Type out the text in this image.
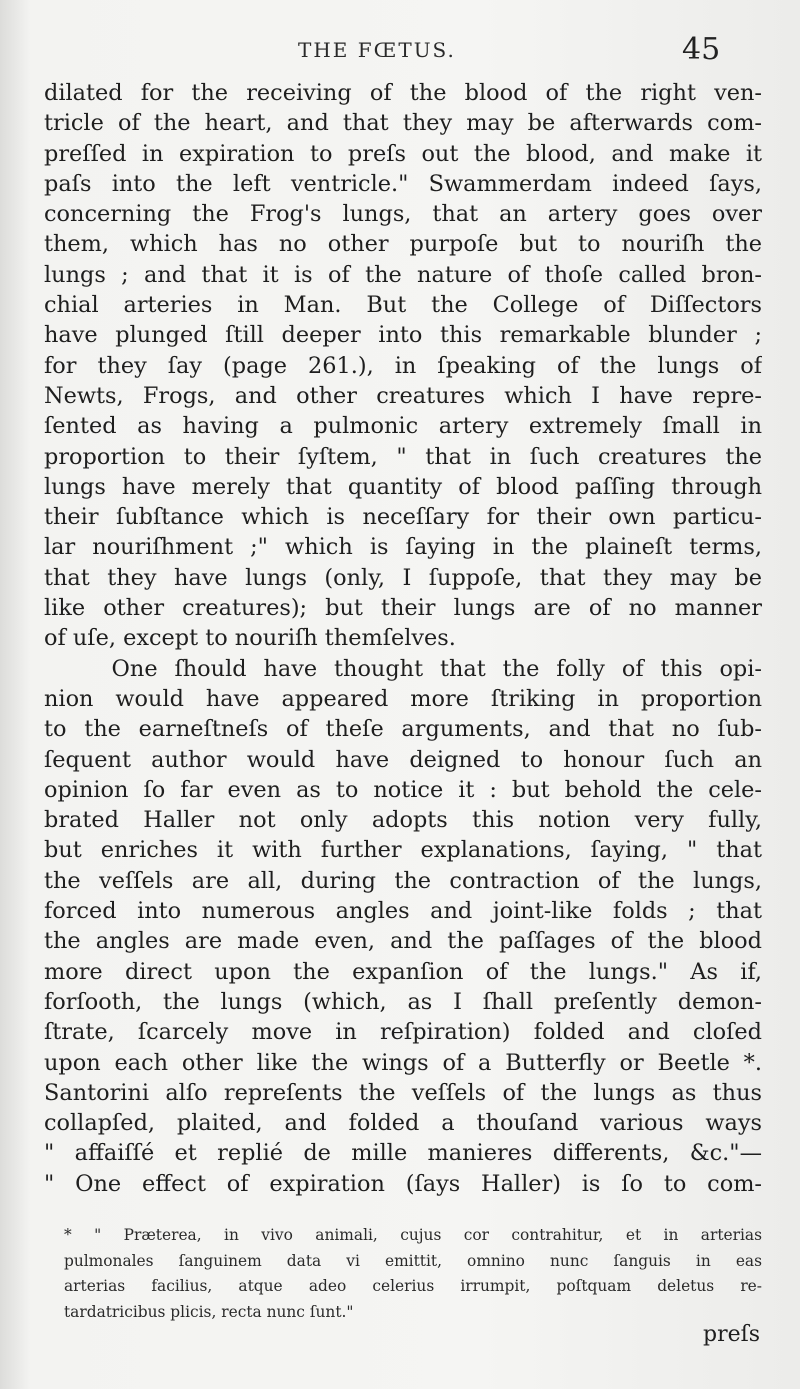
THE FŒTUS.	45
dilated for the receiving of the blood of the right ven-
tricle of the heart, and that they may be afterwards com-
preſſed in expiration to preſs out the blood, and make it
paſs into the left ventricle." Swammerdam indeed ſays,
concerning the Frog's lungs, that an artery goes over
them, which has no other purpoſe but to nouriſh the
lungs ; and that it is of the nature of thoſe called bron-
chial arteries in Man. But the College of Diſſectors
have plunged ſtill deeper into this remarkable blunder ;
for they ſay (page 261.), in ſpeaking of the lungs of
Newts, Frogs, and other creatures which I have repre-
ſented as having a pulmonic artery extremely ſmall in
proportion to their ſyſtem, " that in ſuch creatures the
lungs have merely that quantity of blood paſſing through
their ſubſtance which is neceſſary for their own particu-
lar nouriſhment ;" which is ſaying in the plaineſt terms,
that they have lungs (only, I ſuppoſe, that they may be
like other creatures); but their lungs are of no manner
of uſe, except to nouriſh themſelves.
One ſhould have thought that the folly of this opi-
nion would have appeared more ſtriking in proportion
to the earneſtneſs of theſe arguments, and that no ſub-
ſequent author would have deigned to honour ſuch an
opinion ſo far even as to notice it : but behold the cele-
brated Haller not only adopts this notion very fully,
but enriches it with further explanations, ſaying, " that
the veſſels are all, during the contraction of the lungs,
forced into numerous angles and joint-like folds ; that
the angles are made even, and the paſſages of the blood
more direct upon the expanſion of the lungs." As if,
forſooth, the lungs (which, as I ſhall preſently demon-
ſtrate, ſcarcely move in reſpiration) folded and cloſed
upon each other like the wings of a Butterfly or Beetle *.
Santorini alſo repreſents the veſſels of the lungs as thus
collapſed, plaited, and folded a thouſand various ways
" affaiſſé et replié de mille manieres differents, &c."—
" One effect of expiration (ſays Haller) is ſo to com-
* " Præterea, in vivo animali, cujus cor contrahitur, et in arterias
pulmonales ſanguinem data vi emittit, omnino nunc ſanguis in eas
arterias facilius, atque adeo celerius irrumpit, poſtquam deletus re-
tardatricibus plicis, recta nunc ſunt."
preſs
